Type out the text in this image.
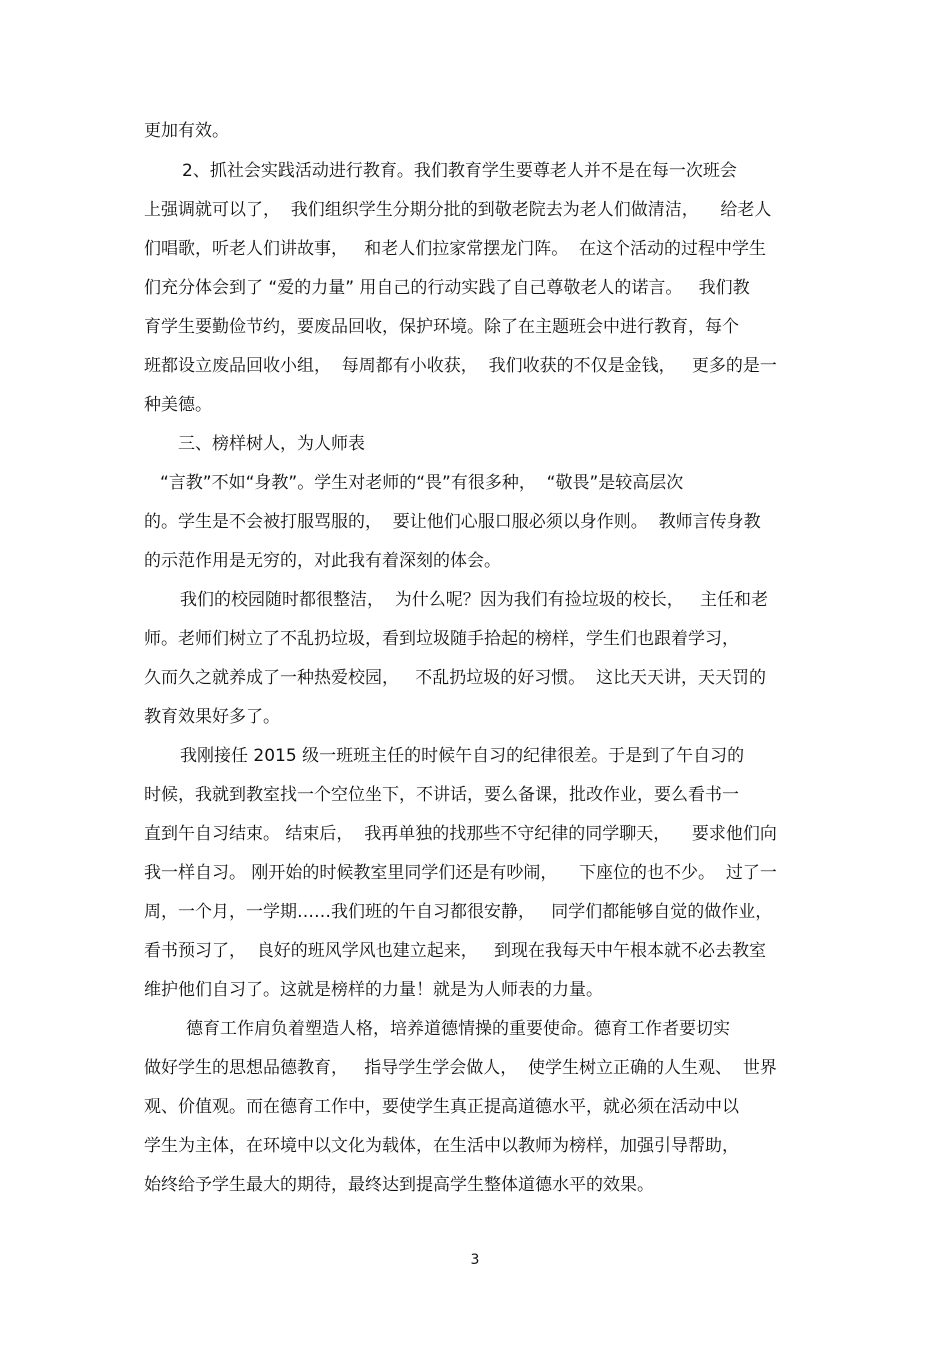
更加有效。
2、抓社会实践活动进行教育。我们教育学生要尊老人并不是在每一次班会
上强调就可以了，  我们组织学生分期分批的到敬老院去为老人们做清洁，    给老人
们唱歌，听老人们讲故事，   和老人们拉家常摆龙门阵。  在这个活动的过程中学生
们充分体会到了 “爱的力量” 用自己的行动实践了自己尊敬老人的诺言。   我们教
育学生要勤俭节约，要废品回收，保护环境。除了在主题班会中进行教育，每个
班都设立废品回收小组，  每周都有小收获，  我们收获的不仅是金钱，   更多的是一
种美德。
三、榜样树人，为人师表
“言教”不如“身教”。学生对老师的“畏”有很多种，  “敬畏”是较高层次
的。学生是不会被打服骂服的，  要让他们心服口服必须以身作则。  教师言传身教
的示范作用是无穷的，对此我有着深刻的体会。
我们的校园随时都很整洁，  为什么呢？因为我们有捡垃圾的校长，   主任和老
师。老师们树立了不乱扔垃圾，看到垃圾随手拾起的榜样，学生们也跟着学习，
久而久之就养成了一种热爱校园，   不乱扔垃圾的好习惯。  这比天天讲，天天罚的
教育效果好多了。
我刚接任 2015 级一班班主任的时候午自习的纪律很差。于是到了午自习的
时候，我就到教室找一个空位坐下，不讲话，要么备课，批改作业，要么看书一
直到午自习结束。 结束后，  我再单独的找那些不守纪律的同学聊天，    要求他们向
我一样自习。 刚开始的时候教室里同学们还是有吵闹，    下座位的也不少。  过了一
周，一个月，一学期……我们班的午自习都很安静，   同学们都能够自觉的做作业，
看书预习了，  良好的班风学风也建立起来，   到现在我每天中午根本就不必去教室
维护他们自习了。这就是榜样的力量！就是为人师表的力量。
德育工作肩负着塑造人格，培养道德情操的重要使命。德育工作者要切实
做好学生的思想品德教育，   指导学生学会做人，  使学生树立正确的人生观、  世界
观、价值观。而在德育工作中，要使学生真正提高道德水平，就必须在活动中以
学生为主体，在环境中以文化为载体，在生活中以教师为榜样，加强引导帮助，
始终给予学生最大的期待，最终达到提高学生整体道德水平的效果。
3
